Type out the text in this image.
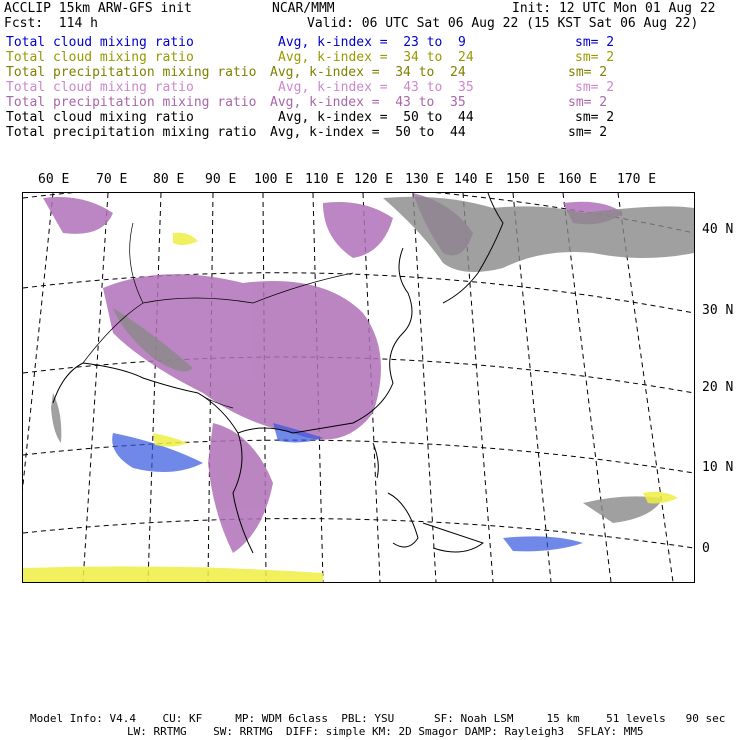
ACCLIP 15km ARW-GFS init	NCAR/MMM	Init: 12 UTC Mon 01 Aug 22
Fcst:  114 h	Valid: 06 UTC Sat 06 Aug 22 (15 KST Sat 06 Aug 22)
Total cloud mixing ratio	Avg, k-index =  23 to  9	sm= 2
Total cloud mixing ratio	Avg, k-index =  34 to  24	sm= 2
Total precipitation mixing ratio Avg, k-index =  34 to  24	sm= 2
Total cloud mixing ratio	Avg, k-index =  43 to  35	sm= 2
Total precipitation mixing ratio Avg, k-index =  43 to  35	sm= 2
Total cloud mixing ratio	Avg, k-index =  50 to  44	sm= 2
Total precipitation mixing ratio Avg, k-index =  50 to  44	sm= 2
60 E 70 E 80 E 90 E 100 E 110 E 120 E 130 E 140 E 150 E 160 E 170 E
40 N
30 N
20 N
10 N
0
Model Info: V4.4    CU: KF     MP: WDM 6class  PBL: YSU      SF: Noah LSM     15 km    51 levels   90 sec
LW: RRTMG    SW: RRTMG  DIFF: simple KM: 2D Smagor DAMP: Rayleigh3  SFLAY: MM5
